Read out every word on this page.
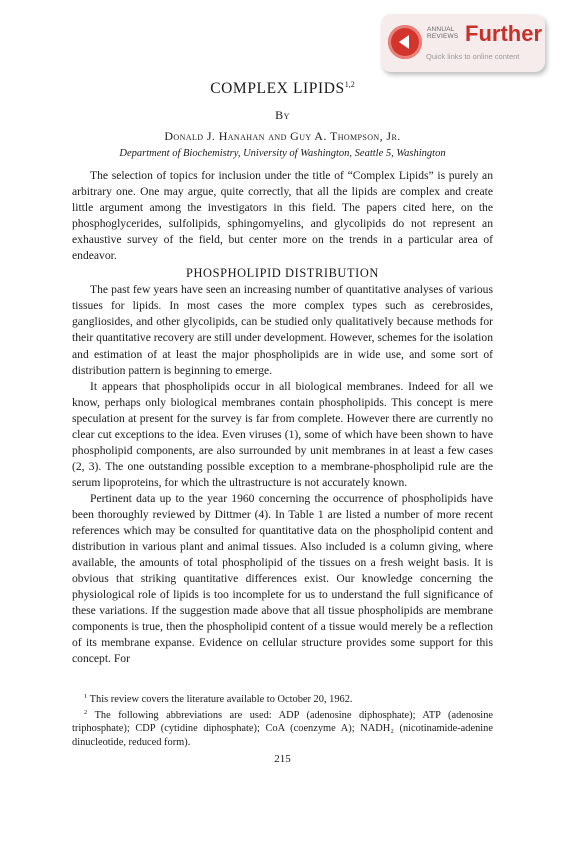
ANNUAL
REVIEWS Further
Quick links to online content
COMPLEX LIPIDS$^{1,2}$
By
Donald J. Hanahan and Guy A. Thompson, Jr.
Department of Biochemistry, University of Washington, Seattle 5, Washington

The selection of topics for inclusion under the title of “Complex Lipids” is purely an arbitrary one. One may argue, quite correctly, that all the lipids are complex and create little argument among the investigators in this field. The papers cited here, on the phosphoglycerides, sulfolipids, sphingomyelins, and glycolipids do not represent an exhaustive survey of the field, but center more on the trends in a particular area of endeavor.

PHOSPHOLIPID DISTRIBUTION

The past few years have seen an increasing number of quantitative analyses of various tissues for lipids. In most cases the more complex types such as cerebrosides, gangliosides, and other glycolipids, can be studied only qualitatively because methods for their quantitative recovery are still under development. However, schemes for the isolation and estimation of at least the major phospholipids are in wide use, and some sort of distribution pattern is beginning to emerge.

It appears that phospholipids occur in all biological membranes. Indeed for all we know, perhaps only biological membranes contain phospholipids. This concept is mere speculation at present for the survey is far from complete. However there are currently no clear cut exceptions to the idea. Even viruses (1), some of which have been shown to have phospholipid components, are also surrounded by unit membranes in at least a few cases (2, 3). The one outstanding possible exception to a membrane-phospholipid rule are the serum lipoproteins, for which the ultrastructure is not accurately known.

Pertinent data up to the year 1960 concerning the occurrence of phospholipids have been thoroughly reviewed by Dittmer (4). In Table 1 are listed a number of more recent references which may be consulted for quantitative data on the phospholipid content and distribution in various plant and animal tissues. Also included is a column giving, where available, the amounts of total phospholipid of the tissues on a fresh weight basis. It is obvious that striking quantitative differences exist. Our knowledge concerning the physiological role of lipids is too incomplete for us to understand the full significance of these variations. If the suggestion made above that all tissue phospholipids are membrane components is true, then the phospholipid content of a tissue would merely be a reflection of its membrane expanse. Evidence on cellular structure provides some support for this concept. For

$^1$ This review covers the literature available to October 20, 1962.

$^2$ The following abbreviations are used: ADP (adenosine diphosphate); ATP (adenosine triphosphate); CDP (cytidine diphosphate); CoA (coenzyme A); NADH₂ (nicotinamide-adenine dinucleotide, reduced form).

215
